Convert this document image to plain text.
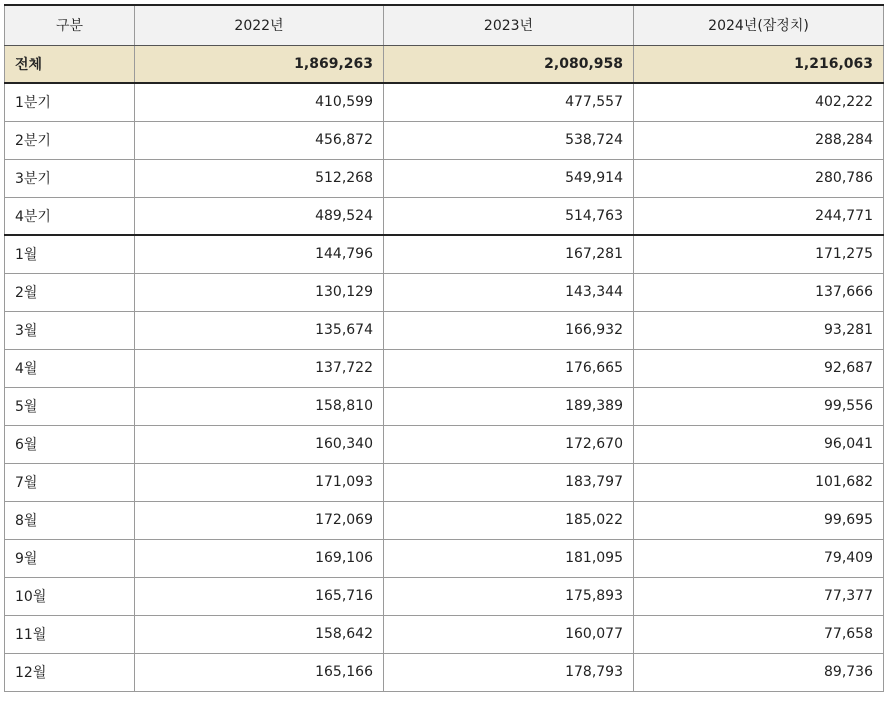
구분	2022년	2023년	2024년(잠정치)
전체	1,869,263	2,080,958	1,216,063
1분기	410,599	477,557	402,222
2분기	456,872	538,724	288,284
3분기	512,268	549,914	280,786
4분기	489,524	514,763	244,771
1월	144,796	167,281	171,275
2월	130,129	143,344	137,666
3월	135,674	166,932	93,281
4월	137,722	176,665	92,687
5월	158,810	189,389	99,556
6월	160,340	172,670	96,041
7월	171,093	183,797	101,682
8월	172,069	185,022	99,695
9월	169,106	181,095	79,409
10월	165,716	175,893	77,377
11월	158,642	160,077	77,658
12월	165,166	178,793	89,736
